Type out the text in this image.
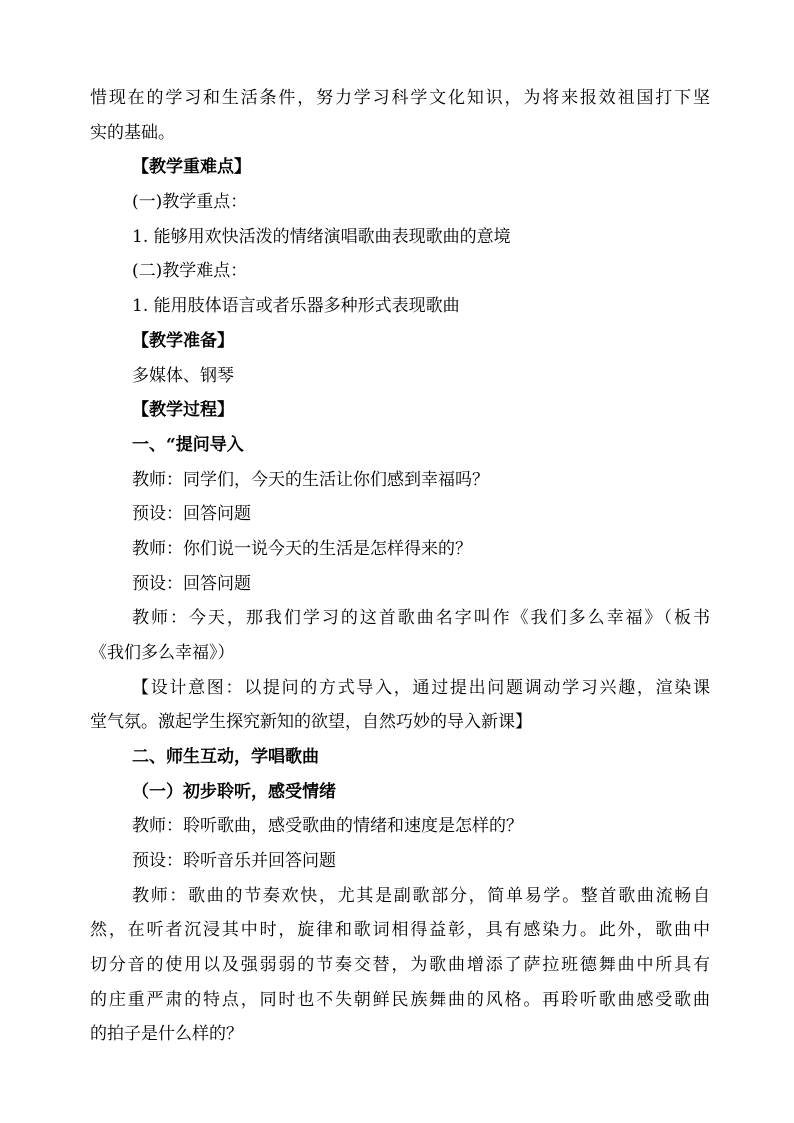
惜现在的学习和生活条件，努力学习科学文化知识，为将来报效祖国打下坚
实的基础。
【教学重难点】
(一)教学重点：
1. 能够用欢快活泼的情绪演唱歌曲表现歌曲的意境
(二)教学难点：
1. 能用肢体语言或者乐器多种形式表现歌曲
【教学准备】
多媒体、钢琴
【教学过程】
一、“提问导入
教师：同学们，今天的生活让你们感到幸福吗？
预设：回答问题
教师：你们说一说今天的生活是怎样得来的？
预设：回答问题
教师：今天，那我们学习的这首歌曲名字叫作《我们多么幸福》（板书
《我们多么幸福》）
【设计意图：以提问的方式导入，通过提出问题调动学习兴趣，渲染课
堂气氛。激起学生探究新知的欲望，自然巧妙的导入新课】
二、师生互动，学唱歌曲
（一）初步聆听，感受情绪
教师：聆听歌曲，感受歌曲的情绪和速度是怎样的？
预设：聆听音乐并回答问题
教师：歌曲的节奏欢快，尤其是副歌部分，简单易学。整首歌曲流畅自
然，在听者沉浸其中时，旋律和歌词相得益彰，具有感染力。此外，歌曲中
切分音的使用以及强弱弱的节奏交替，为歌曲增添了萨拉班德舞曲中所具有
的庄重严肃的特点，同时也不失朝鲜民族舞曲的风格。再聆听歌曲感受歌曲
的拍子是什么样的？
